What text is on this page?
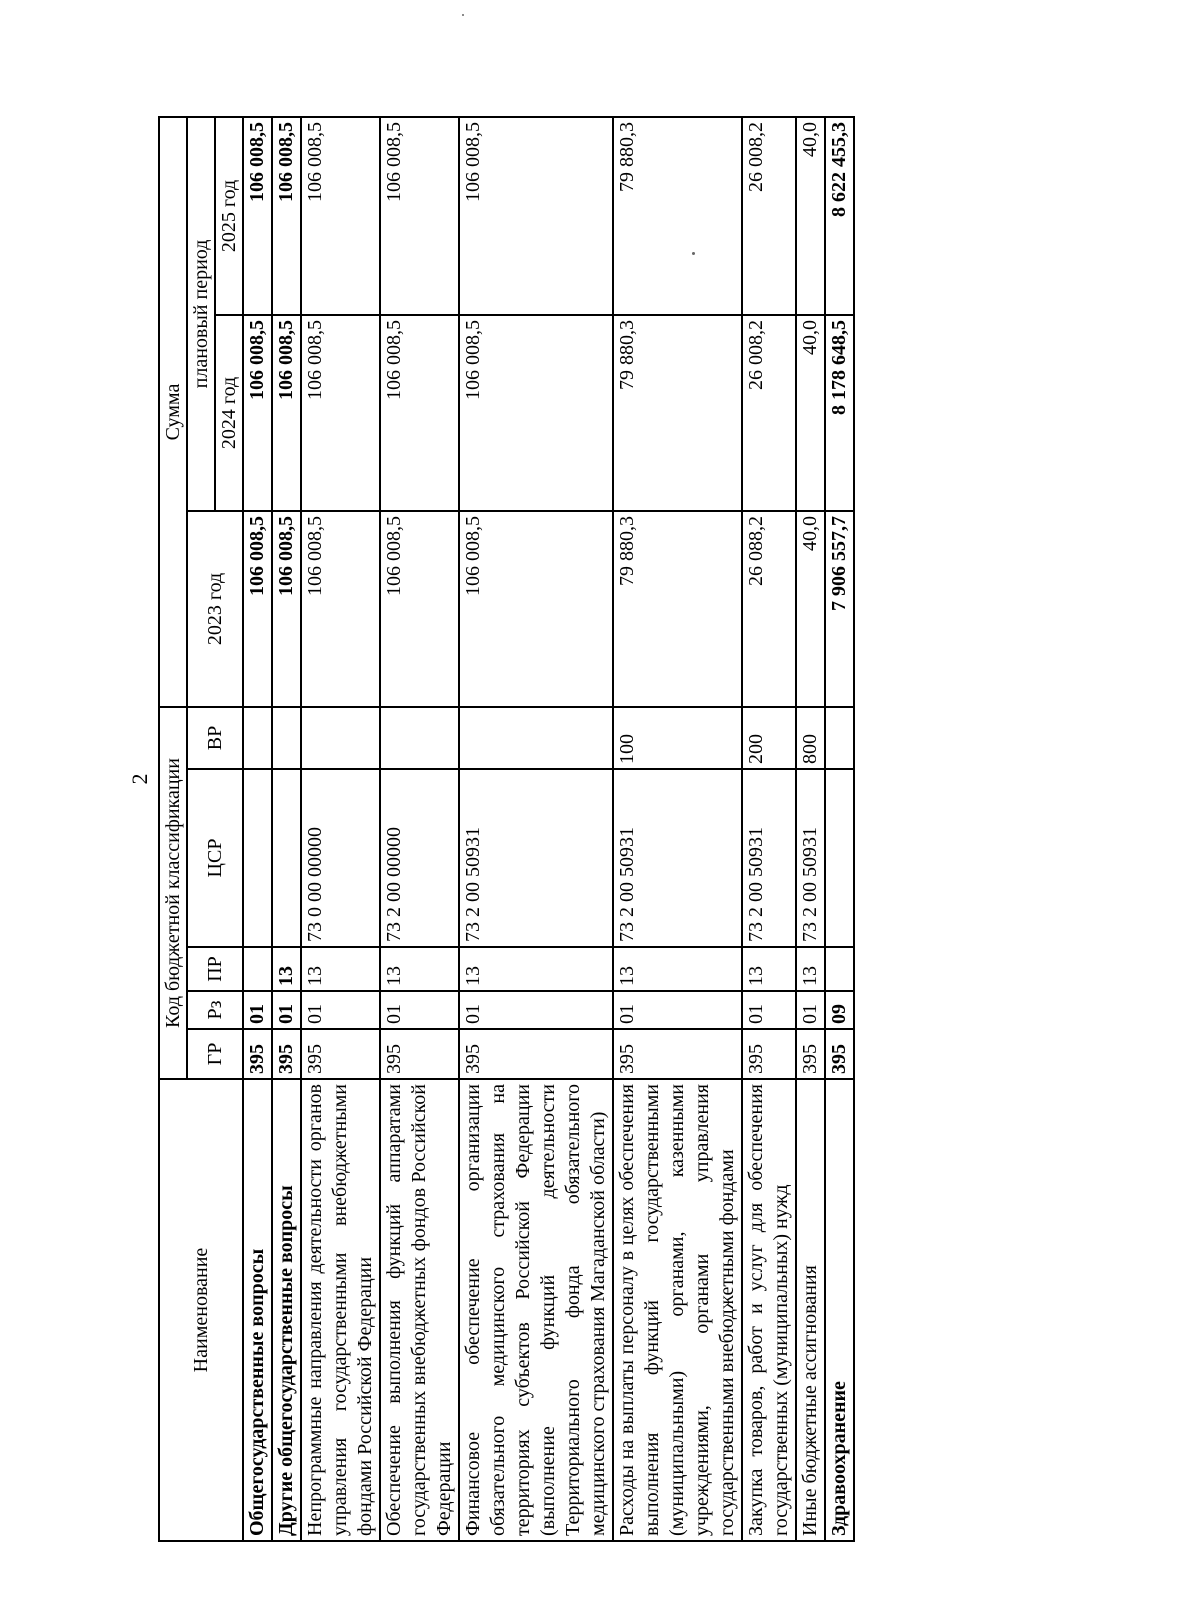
2
Наименование	Код бюджетной классификации					Сумма		
	ГР	Рз	ПР	ЦСР	ВР	2023 год	плановый период	
							2024 год	2025 год
Общегосударственные вопросы	395	01				106 008,5	106 008,5	106 008,5
Другие общегосударственные вопросы	395	01	13			106 008,5	106 008,5	106 008,5
Непрограммные направления деятельности органов управления государственными внебюджетными фондами Российской Федерации	395	01	13	73 0 00 00000		106 008,5	106 008,5	106 008,5
Обеспечение выполнения функций аппаратами государственных внебюджетных фондов Российской Федерации	395	01	13	73 2 00 00000		106 008,5	106 008,5	106 008,5
Финансовое обеспечение организации обязательного медицинского страхования на территориях субъектов Российской Федерации (выполнение функций деятельности Территориального фонда обязательного медицинского страхования Магаданской области)	395	01	13	73 2 00 50931		106 008,5	106 008,5	106 008,5
Расходы на выплаты персоналу в целях обеспечения выполнения функций государственными (муниципальными) органами, казенными учреждениями, органами управления государственными внебюджетными фондами	395	01	13	73 2 00 50931	100	79 880,3	79 880,3	79 880,3
Закупка товаров, работ и услуг для обеспечения государственных (муниципальных) нужд	395	01	13	73 2 00 50931	200	26 088,2	26 008,2	26 008,2
Иные бюджетные ассигнования	395	01	13	73 2 00 50931	800	40,0	40,0	40,0
Здравоохранение	395	09				7 906 557,7	8 178 648,5	8 622 455,3
